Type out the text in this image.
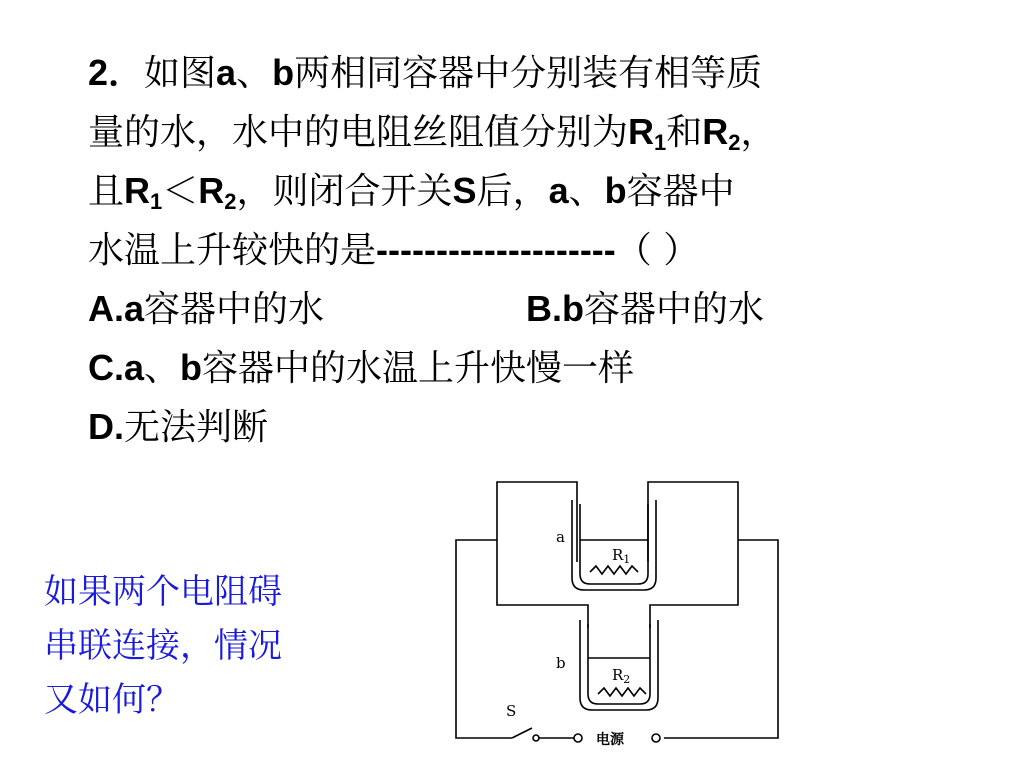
2．如图a、b两相同容器中分别装有相等质
量的水，水中的电阻丝阻值分别为$R_1$和$R_2$，
且$R_1<R_2$，则闭合开关S后，a、b容器中
水温上升较快的是--------------------（ ）
A.a容器中的水	B.b容器中的水
C.a、b容器中的水温上升快慢一样
D.无法判断
如果两个电阻碍
串联连接，情况
又如何？
a
b
$R_1$
$R_2$
S
电源
